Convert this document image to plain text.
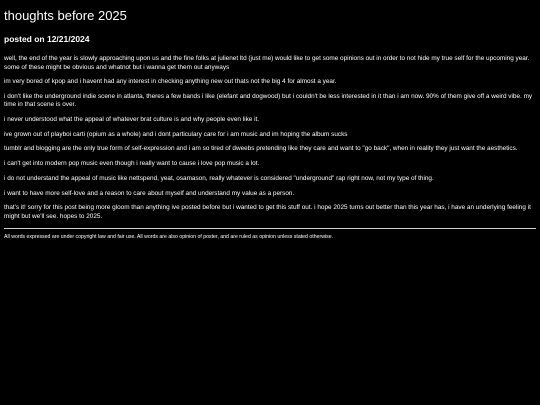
thoughts before 2025
posted on 12/21/2024

well, the end of the year is slowly approaching upon us and the fine folks at julienet ltd (just me) would like to get some opinions out in order to not hide my true self for the upcoming year. some of these might be obvious and whatnot but i wanna get them out anyways

im very bored of kpop and i havent had any interest in checking anything new out thats not the big 4 for almost a year.

i don't like the underground indie scene in atlanta, theres a few bands i like (elefant and dogwood) but i couldn't be less interested in it than i am now. 90% of them give off a weird vibe. my time in that scene is over.

i never understood what the appeal of whatever brat culture is and why people even like it.

ive grown out of playboi carti (opium as a whole) and i dont particulary care for i am music and im hoping the album sucks

tumblr and blogging are the only true form of self-expression and i am so tired of dweebs pretending like they care and want to "go back", when in reality they just want the aesthetics.

i can't get into modern pop music even though i really want to cause i love pop music a lot.

i do not understand the appeal of music like nettspend, yeat, osamason, really whatever is considered "underground" rap right now, not my type of thing.

i want to have more self-love and a reason to care about myself and understand my value as a person.

that's it! sorry for this post being more gloom than anything ive posted before but i wanted to get this stuff out. i hope 2025 turns out better than this year has, i have an underlying feeling it might but we'll see. hopes to 2025.

All words expressed are under copyright law and fair use. All words are also opinion of poster, and are ruled as opinion unless stated otherwise.
